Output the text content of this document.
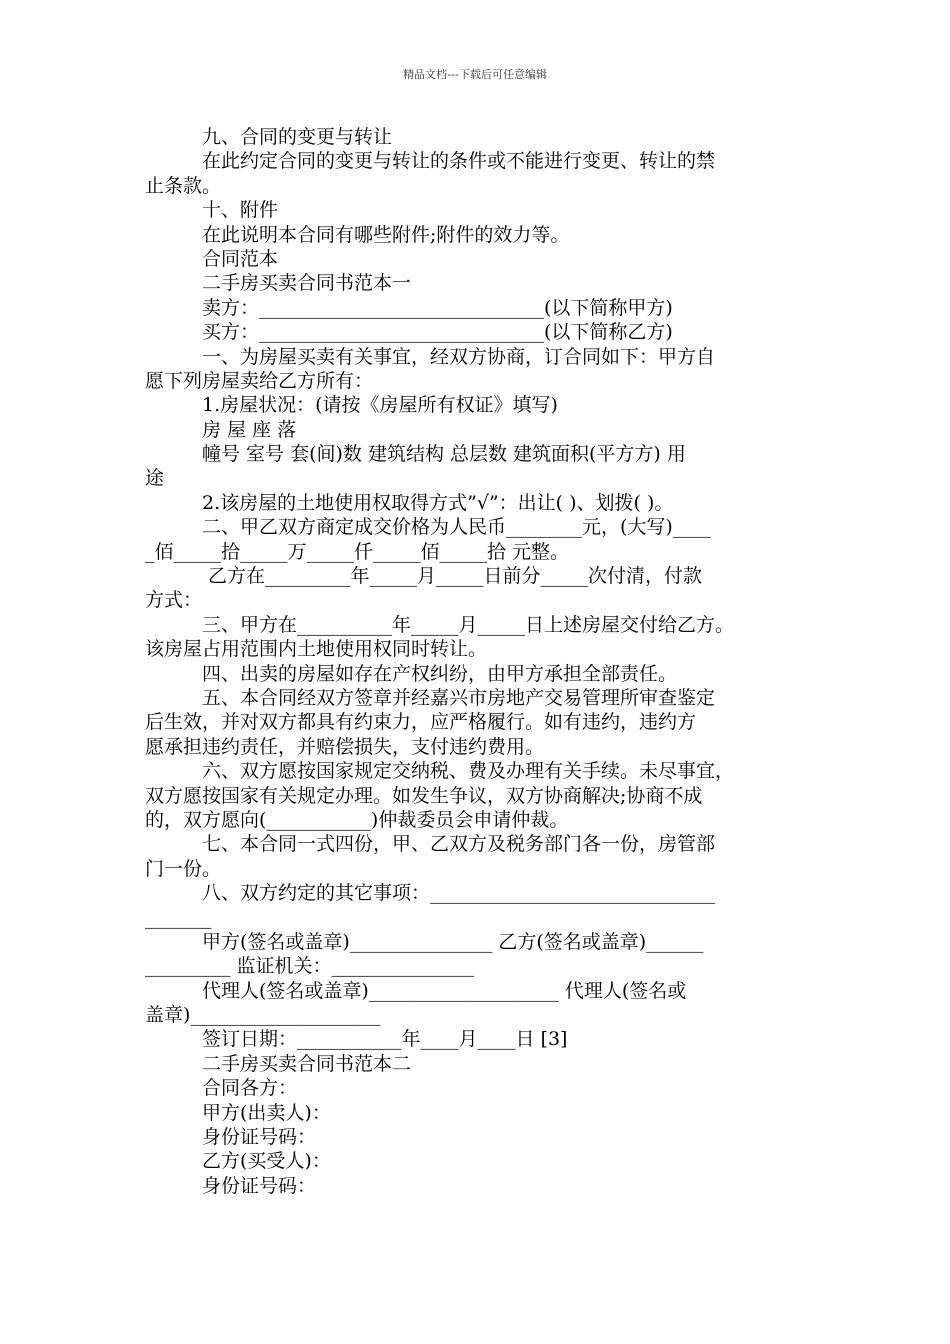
精品文档---下载后可任意编辑
九、合同的变更与转让
在此约定合同的变更与转让的条件或不能进行变更、转让的禁
止条款。
十、附件
在此说明本合同有哪些附件;附件的效力等。
合同范本
二手房买卖合同书范本一
卖方：______________________________(以下简称甲方)
买方：______________________________(以下简称乙方)
一、为房屋买卖有关事宜，经双方协商，订合同如下：甲方自
愿下列房屋卖给乙方所有：
1.房屋状况：(请按《房屋所有权证》填写)
房 屋 座 落
幢号 室号 套(间)数 建筑结构 总层数 建筑面积(平方方) 用
途
2.该房屋的土地使用权取得方式”√”：出让( )、划拨( )。
二、甲乙双方商定成交价格为人民币________元，(大写)____
_佰_____拾_____万_____仟_____佰_____拾 元整。
乙方在_________年_____月_____日前分_____次付清，付款
方式：
三、甲方在__________年_____月_____日上述房屋交付给乙方。
该房屋占用范围内土地使用权同时转让。
四、出卖的房屋如存在产权纠纷，由甲方承担全部责任。
五、本合同经双方签章并经嘉兴市房地产交易管理所审查鉴定
后生效，并对双方都具有约束力，应严格履行。如有违约，违约方
愿承担违约责任，并赔偿损失，支付违约费用。
六、双方愿按国家规定交纳税、费及办理有关手续。未尽事宜，
双方愿按国家有关规定办理。如发生争议，双方协商解决;协商不成
的，双方愿向(___________)仲裁委员会申请仲裁。
七、本合同一式四份，甲、乙双方及税务部门各一份，房管部
门一份。
八、双方约定的其它事项：______________________________
_______
甲方(签名或盖章)_______________ 乙方(签名或盖章)______
_________ 监证机关：_______________
代理人(签名或盖章)____________________ 代理人(签名或
盖章)____________________
签订日期：___________年____月____日 [3]
二手房买卖合同书范本二
合同各方：
甲方(出卖人)：
身份证号码：
乙方(买受人)：
身份证号码：
